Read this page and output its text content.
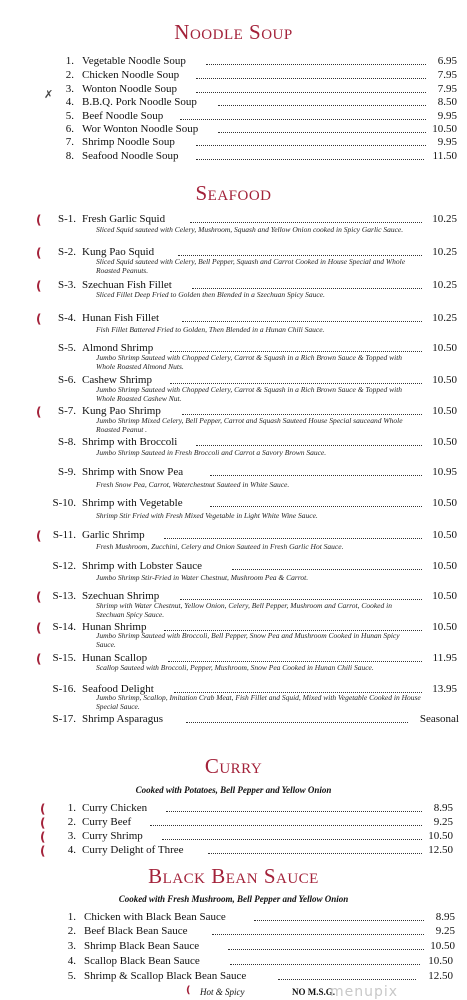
Noodle Soup
✗
1. Vegetable Noodle Soup	6.95
2. Chicken Noodle Soup	7.95
3. Wonton Noodle Soup	7.95
4. B.B.Q. Pork Noodle Soup	8.50
5. Beef Noodle Soup	9.95
6. Wor Wonton Noodle Soup	10.50
7. Shrimp Noodle Soup	9.95
8. Seafood Noodle Soup	11.50
Seafood
(	S-1. Fresh Garlic Squid	10.25
Sliced Squid sauteed with Celery, Mushroom, Squash and Yellow Onion cooked in Spicy Garlic Sauce.
(	S-2. Kung Pao Squid	10.25
Sliced Squid sauteed with Celery, Bell Pepper, Squash and Carrot Cooked in House Special and Whole Roasted Peanuts.
(	S-3. Szechuan Fish Fillet	10.25
Sliced Fillet Deep Fried to Golden then Blended in a Szechuan Spicy Sauce.
(	S-4. Hunan Fish Fillet	10.25
Fish Fillet Battered Fried to Golden, Then Blended in a Hunan Chili Sauce.
S-5. Almond Shrimp	10.50
Jumbo Shrimp Sauteed with Chopped Celery, Carrot & Squash in a Rich Brown Sauce & Topped with Whole Roasted Almond Nuts.
S-6. Cashew Shrimp	10.50
Jumbo Shrimp Sauteed with Chopped Celery, Carrot & Squash in a Rich Brown Sauce & Topped with Whole Roasted Cashew Nut.
(	S-7. Kung Pao Shrimp	10.50
Jumbo Shrimp Mixed Celery, Bell Pepper, Carrot and Squash Sauteed House Special sauceand Whole Roasted Peanut .
S-8. Shrimp with Broccoli	10.50
Jumbo Shrimp Sauteed in Fresh Broccoli and Carrot a Savory Brown Sauce.
S-9. Shrimp with Snow Pea	10.95
Fresh Snow Pea, Carrot, Waterchestnut Sauteed in White Sauce.
S-10. Shrimp with Vegetable	10.50
Shrimp Stir Fried with Fresh Mixed Vegetable in Light White Wine Sauce.
(	S-11. Garlic Shrimp	10.50
Fresh Mushroom, Zucchini, Celery and Onion Sauteed in Fresh Garlic Hot Sauce.
S-12. Shrimp with Lobster Sauce	10.50
Jumbo Shrimp Stir-Fried in Water Chestnut, Mushroom Pea & Carrot.
( S-13. Szechuan Shrimp	10.50
Shrimp with Water Chestnut, Yellow Onion, Celery, Bell Pepper, Mushroom and Carrot, Cooked in Szechuan Spicy Sauce.
( S-14. Hunan Shrimp	10.50
Jumbo Shrimp Sauteed with Broccoli, Bell Pepper, Snow Pea and Mushroom Cooked in Hunan Spicy Sauce.
( S-15. Hunan Scallop	11.95
Scallop Sauteed with Broccoli, Pepper, Mushroom, Snow Pea Cooked in Hunan Chili Sauce.
S-16. Seafood Delight	13.95
Jumbo Shrimp, Scallop, Imitation Crab Meat, Fish Fillet and Squid, Mixed with Vegetable Cooked in House Special Sauce.
S-17. Shrimp Asparagus	Seasonal
Curry
Cooked with Potatoes, Bell Pepper and Yellow Onion
(	1. Curry Chicken	8.95
(	2. Curry Beef	9.25
(	3. Curry Shrimp	10.50
(	4. Curry Delight of Three	12.50
Black Bean Sauce
Cooked with Fresh Mushroom, Bell Pepper and Yellow Onion
1. Chicken with Black Bean Sauce	8.95
2. Beef Black Bean Sauce	9.25
3. Shrimp Black Bean Sauce	10.50
4. Scallop Black Bean Sauce	10.50
5. Shrimp & Scallop Black Bean Sauce	12.50
( Hot & Spicy	NO M.S.G.
menupix
